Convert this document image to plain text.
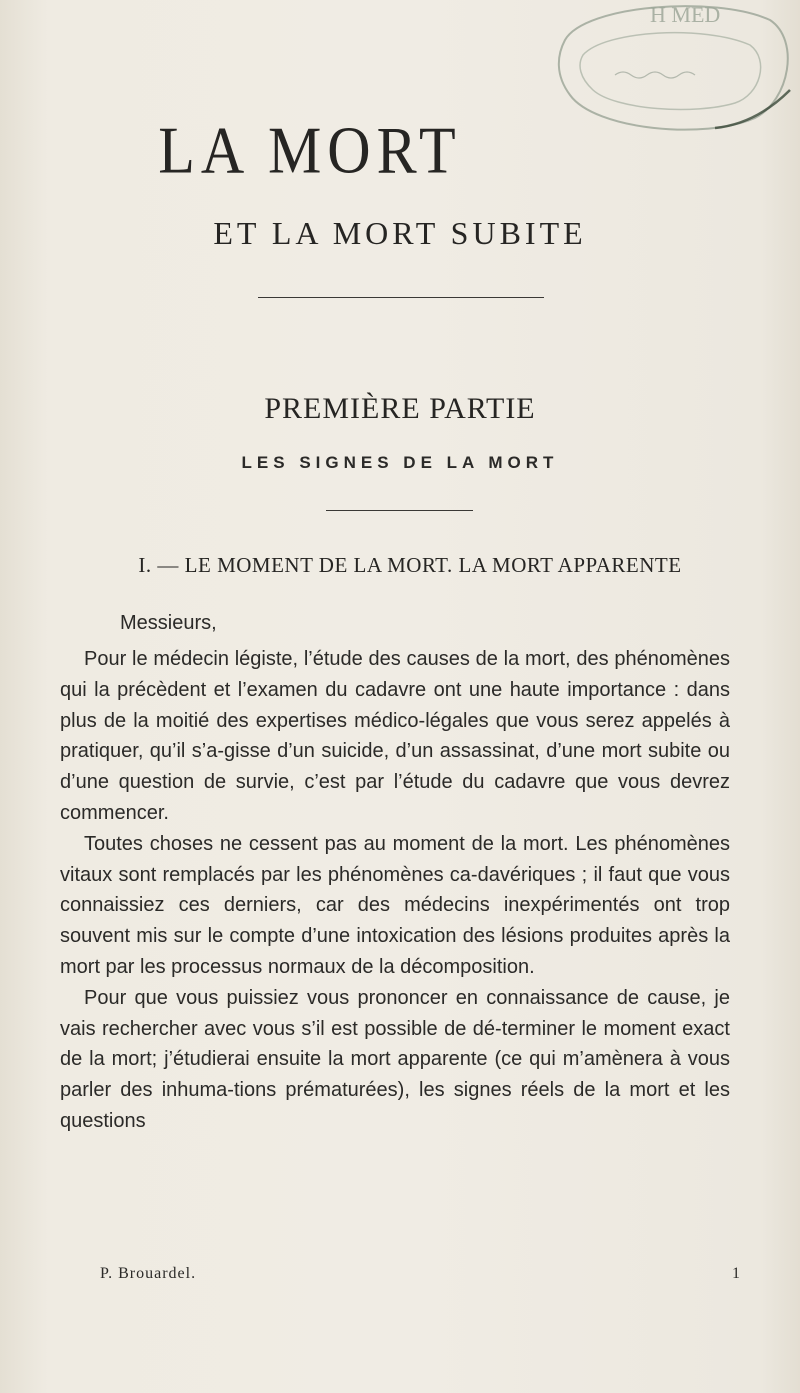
H MED
LA MORT
ET LA MORT SUBITE
PREMIÈRE PARTIE
LES SIGNES DE LA MORT
I. — LE MOMENT DE LA MORT. LA MORT APPARENTE
Messieurs,

Pour le médecin légiste, l’étude des causes de la mort, des phénomènes qui la précèdent et l’examen du cadavre ont une haute importance : dans plus de la moitié des expertises médico-légales que vous serez appelés à pratiquer, qu’il s’a-gisse d’un suicide, d’un assassinat, d’une mort subite ou d’une question de survie, c’est par l’étude du cadavre que vous devrez commencer.

Toutes choses ne cessent pas au moment de la mort. Les phénomènes vitaux sont remplacés par les phénomènes ca-davériques ; il faut que vous connaissiez ces derniers, car des médecins inexpérimentés ont trop souvent mis sur le compte d’une intoxication des lésions produites après la mort par les processus normaux de la décomposition.

Pour que vous puissiez vous prononcer en connaissance de cause, je vais rechercher avec vous s’il est possible de dé-terminer le moment exact de la mort; j’étudierai ensuite la mort apparente (ce qui m’amènera à vous parler des inhuma-tions prématurées), les signes réels de la mort et les questions

P. Brouardel.	1
